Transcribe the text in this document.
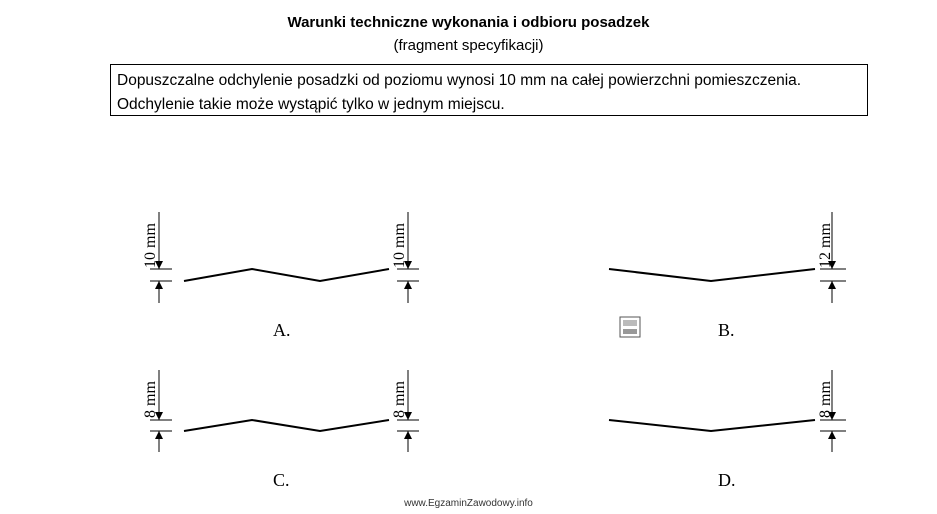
Warunki techniczne wykonania i odbioru posadzek
(fragment specyfikacji)
Dopuszczalne odchylenie posadzki od poziomu wynosi 10 mm na całej powierzchni pomieszczenia.
Odchylenie takie może wystąpić tylko w jednym miejscu.
10 mm	10 mm	12 mm
8 mm	8 mm	8 mm
A.	B.
C.	D.
www.EgzaminZawodowy.info
